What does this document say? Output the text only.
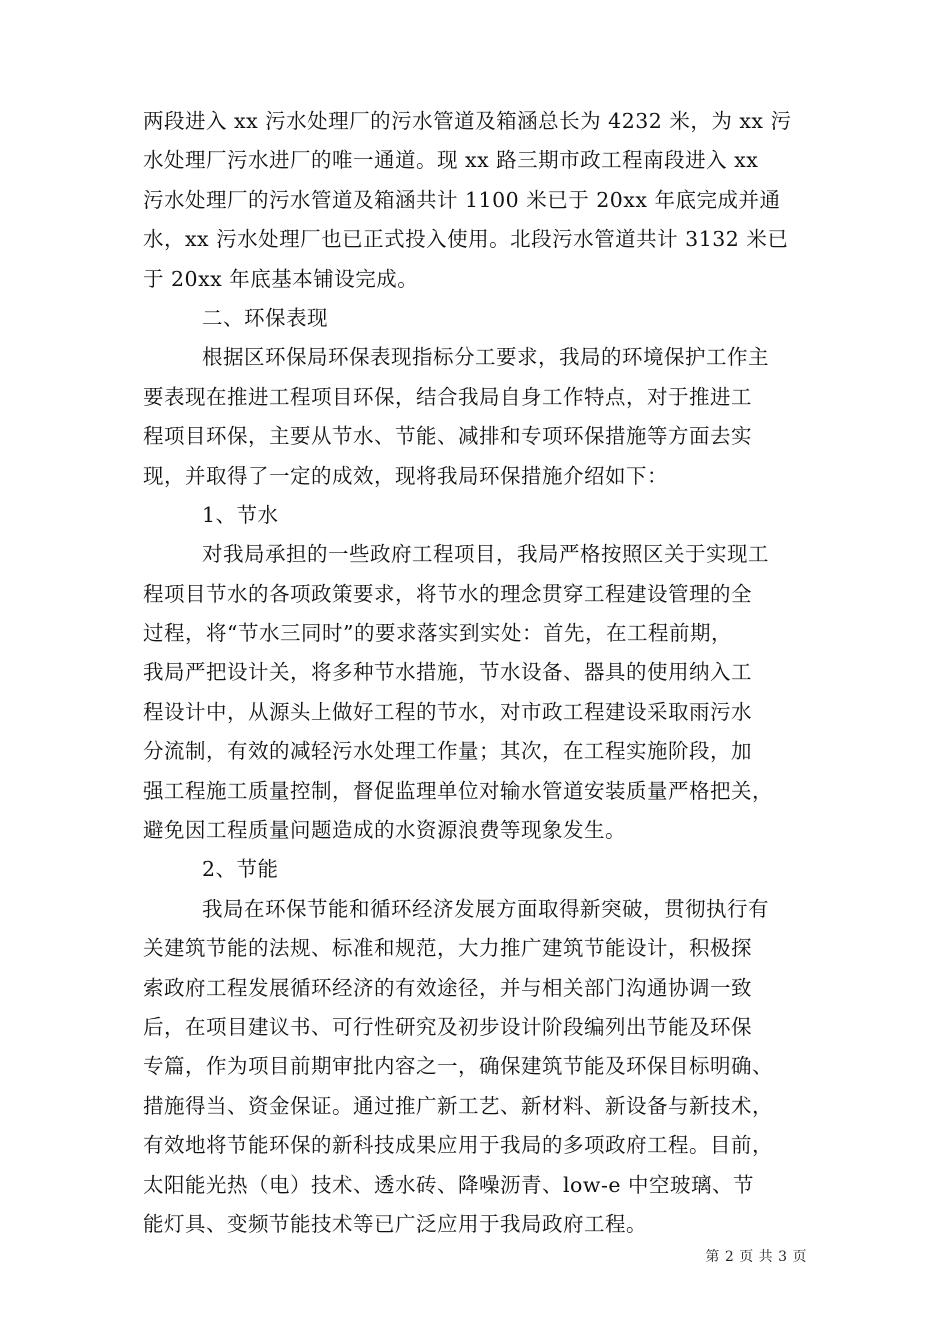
两段进入 xx 污水处理厂的污水管道及箱涵总长为 4232 米，为 xx 污
水处理厂污水进厂的唯一通道。现 xx 路三期市政工程南段进入 xx
污水处理厂的污水管道及箱涵共计 1100 米已于 20xx 年底完成并通
水，xx 污水处理厂也已正式投入使用。北段污水管道共计 3132 米已
于 20xx 年底基本铺设完成。
二、环保表现
根据区环保局环保表现指标分工要求，我局的环境保护工作主
要表现在推进工程项目环保，结合我局自身工作特点，对于推进工
程项目环保，主要从节水、节能、减排和专项环保措施等方面去实
现，并取得了一定的成效，现将我局环保措施介绍如下：
1、节水
对我局承担的一些政府工程项目，我局严格按照区关于实现工
程项目节水的各项政策要求，将节水的理念贯穿工程建设管理的全
过程，将“节水三同时”的要求落实到实处：首先，在工程前期，
我局严把设计关，将多种节水措施，节水设备、器具的使用纳入工
程设计中，从源头上做好工程的节水，对市政工程建设采取雨污水
分流制，有效的减轻污水处理工作量；其次，在工程实施阶段，加
强工程施工质量控制，督促监理单位对输水管道安装质量严格把关，
避免因工程质量问题造成的水资源浪费等现象发生。
2、节能
我局在环保节能和循环经济发展方面取得新突破，贯彻执行有
关建筑节能的法规、标准和规范，大力推广建筑节能设计，积极探
索政府工程发展循环经济的有效途径，并与相关部门沟通协调一致
后，在项目建议书、可行性研究及初步设计阶段编列出节能及环保
专篇，作为项目前期审批内容之一，确保建筑节能及环保目标明确、
措施得当、资金保证。通过推广新工艺、新材料、新设备与新技术，
有效地将节能环保的新科技成果应用于我局的多项政府工程。目前，
太阳能光热（电）技术、透水砖、降噪沥青、low-e 中空玻璃、节
能灯具、变频节能技术等已广泛应用于我局政府工程。
第 2 页 共 3 页
